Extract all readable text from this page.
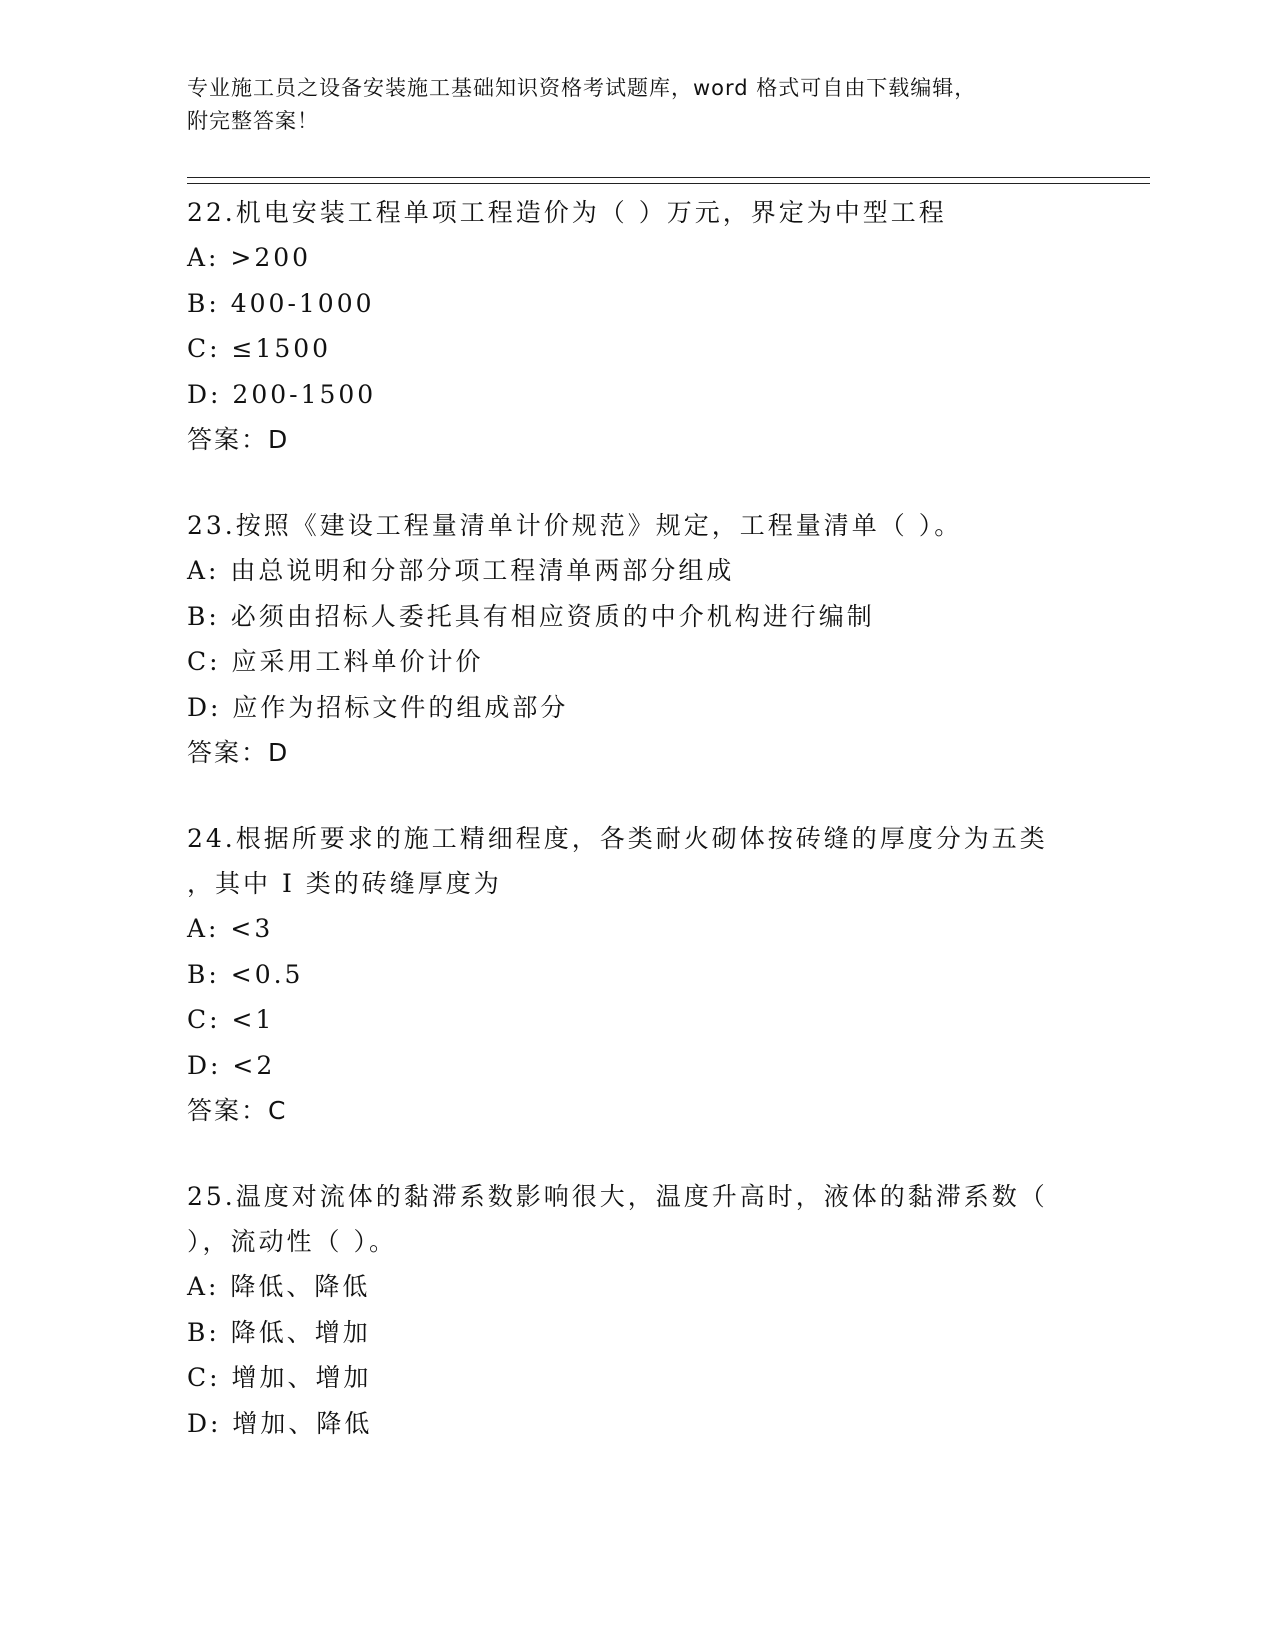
专业施工员之设备安装施工基础知识资格考试题库，word 格式可自由下载编辑，
附完整答案！
22.机电安装工程单项工程造价为（ ）万元，界定为中型工程
A: >200
B: 400-1000
C: ≤1500
D: 200-1500
答案：D
23.按照《建设工程量清单计价规范》规定，工程量清单（ ）。
A: 由总说明和分部分项工程清单两部分组成
B: 必须由招标人委托具有相应资质的中介机构进行编制
C: 应采用工料单价计价
D: 应作为招标文件的组成部分
答案：D
24.根据所要求的施工精细程度，各类耐火砌体按砖缝的厚度分为五类
，其中 I 类的砖缝厚度为
A: <3
B: <0.5
C: <1
D: <2
答案：C
25.温度对流体的黏滞系数影响很大，温度升高时，液体的黏滞系数（
），流动性（ ）。
A: 降低、降低
B: 降低、增加
C: 增加、增加
D: 增加、降低
